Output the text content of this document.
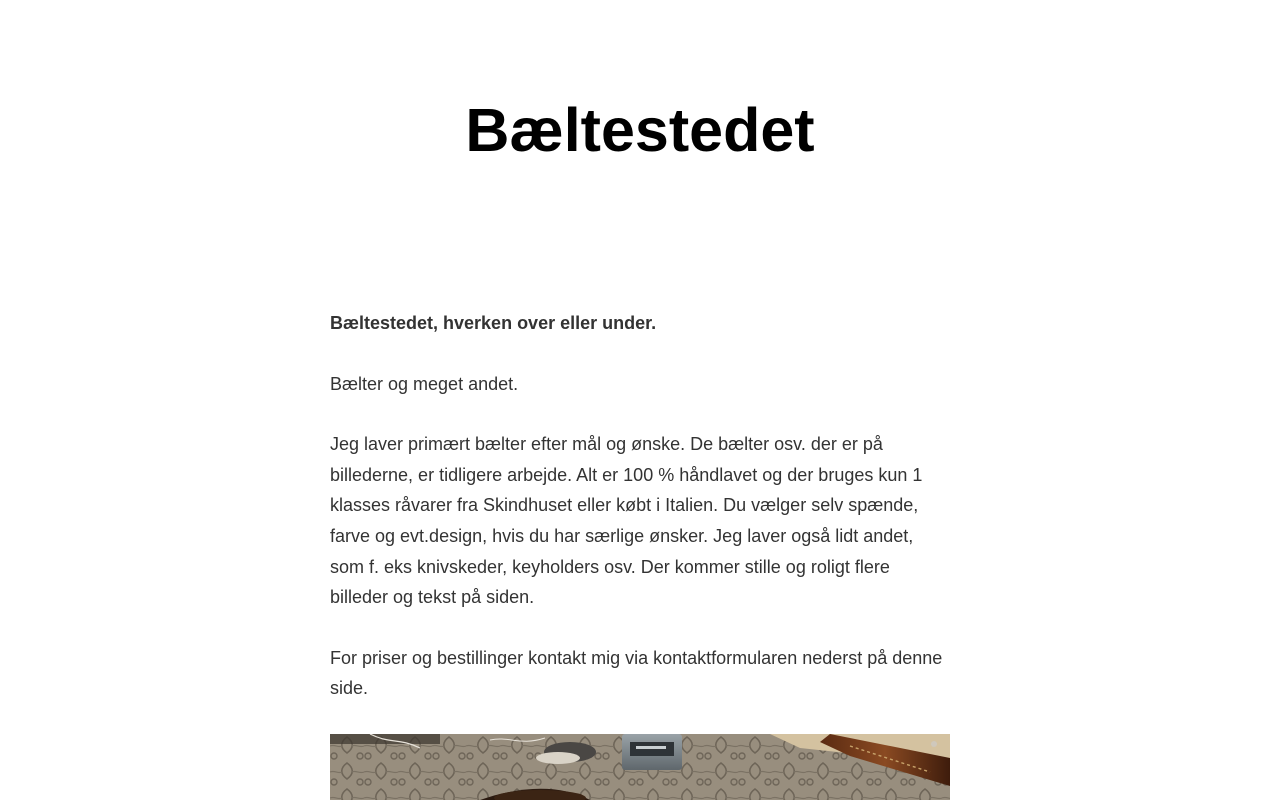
Bæltestedet

Bæltestedet, hverken over eller under.

Bælter og meget andet.

Jeg laver primært bælter efter mål og ønske. De bælter osv. der er på billederne, er tidligere arbejde. Alt er 100 % håndlavet og der bruges kun 1 klasses råvarer fra Skindhuset eller købt i Italien. Du vælger selv spænde, farve og evt.design, hvis du har særlige ønsker. Jeg laver også lidt andet, som f. eks knivskeder, keyholders osv. Der kommer stille og roligt flere billeder og tekst på siden.

For priser og bestillinger kontakt mig via kontaktformularen nederst på denne side.
